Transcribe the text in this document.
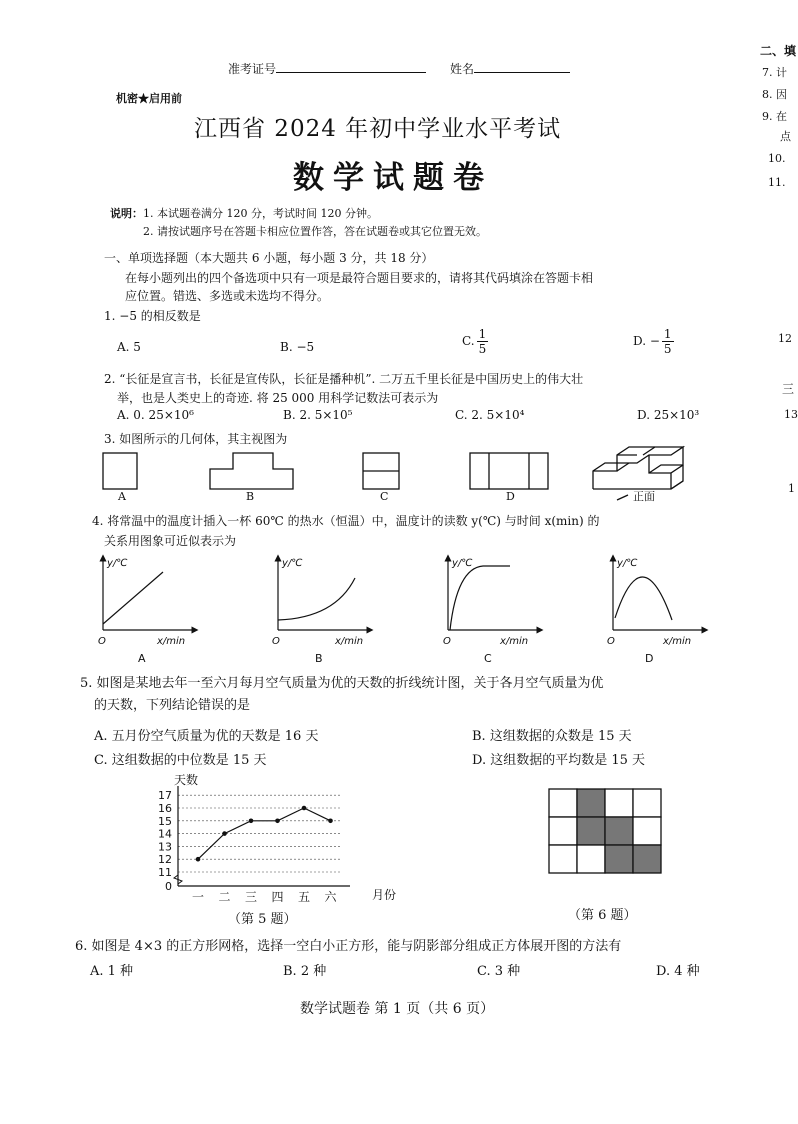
准考证号	姓名
机密★启用前
江西省 2024 年初中学业水平考试
数学试题卷
说明：1. 本试题卷满分 120 分，考试时间 120 分钟。
2. 请按试题序号在答题卡相应位置作答，答在试题卷或其它位置无效。
一、单项选择题（本大题共 6 小题，每小题 3 分，共 18 分）
在每小题列出的四个备选项中只有一项是最符合题目要求的，请将其代码填涂在答题卡相
应位置。错选、多选或未选均不得分。
1. −5 的相反数是
A. 5	B. −5	C. $\frac{1}{5}$	D. − $\frac{1}{5}$
2. “长征是宣言书，长征是宣传队，长征是播种机”. 二万五千里长征是中国历史上的伟大壮
举，也是人类史上的奇迹. 将 25 000 用科学记数法可表示为
A. 0. 25×10⁶	B. 2. 5×10⁵	C. 2. 5×10⁴	D. 25×10³
3. 如图所示的几何体，其主视图为
A	B	C	D	正面
4. 将常温中的温度计插入一杯 60℃ 的热水（恒温）中，温度计的读数 y(℃) 与时间 x(min) 的
关系用图象可近似表示为
y/℃
x/min
O
y/℃
x/min
O
y/℃
x/min
O
y/℃
x/min
O
A	B	C	D
5. 如图是某地去年一至六月每月空气质量为优的天数的折线统计图，关于各月空气质量为优
的天数，下列结论错误的是
A. 五月份空气质量为优的天数是 16 天	B. 这组数据的众数是 15 天
C. 这组数据的中位数是 15 天	D. 这组数据的平均数是 15 天
天数
月份
0
11
12
13
14
15
16
17
一 二 三 四 五 六
（第 5 题）	（第 6 题）
6. 如图是 4×3 的正方形网格，选择一空白小正方形，能与阴影部分组成正方体展开图的方法有
A. 1 种	B. 2 种	C. 3 种	D. 4 种
数学试题卷 第 1 页（共 6 页）
二、填
7. 计
8. 因
9. 在
点
10.
11.
12
三
13
1
